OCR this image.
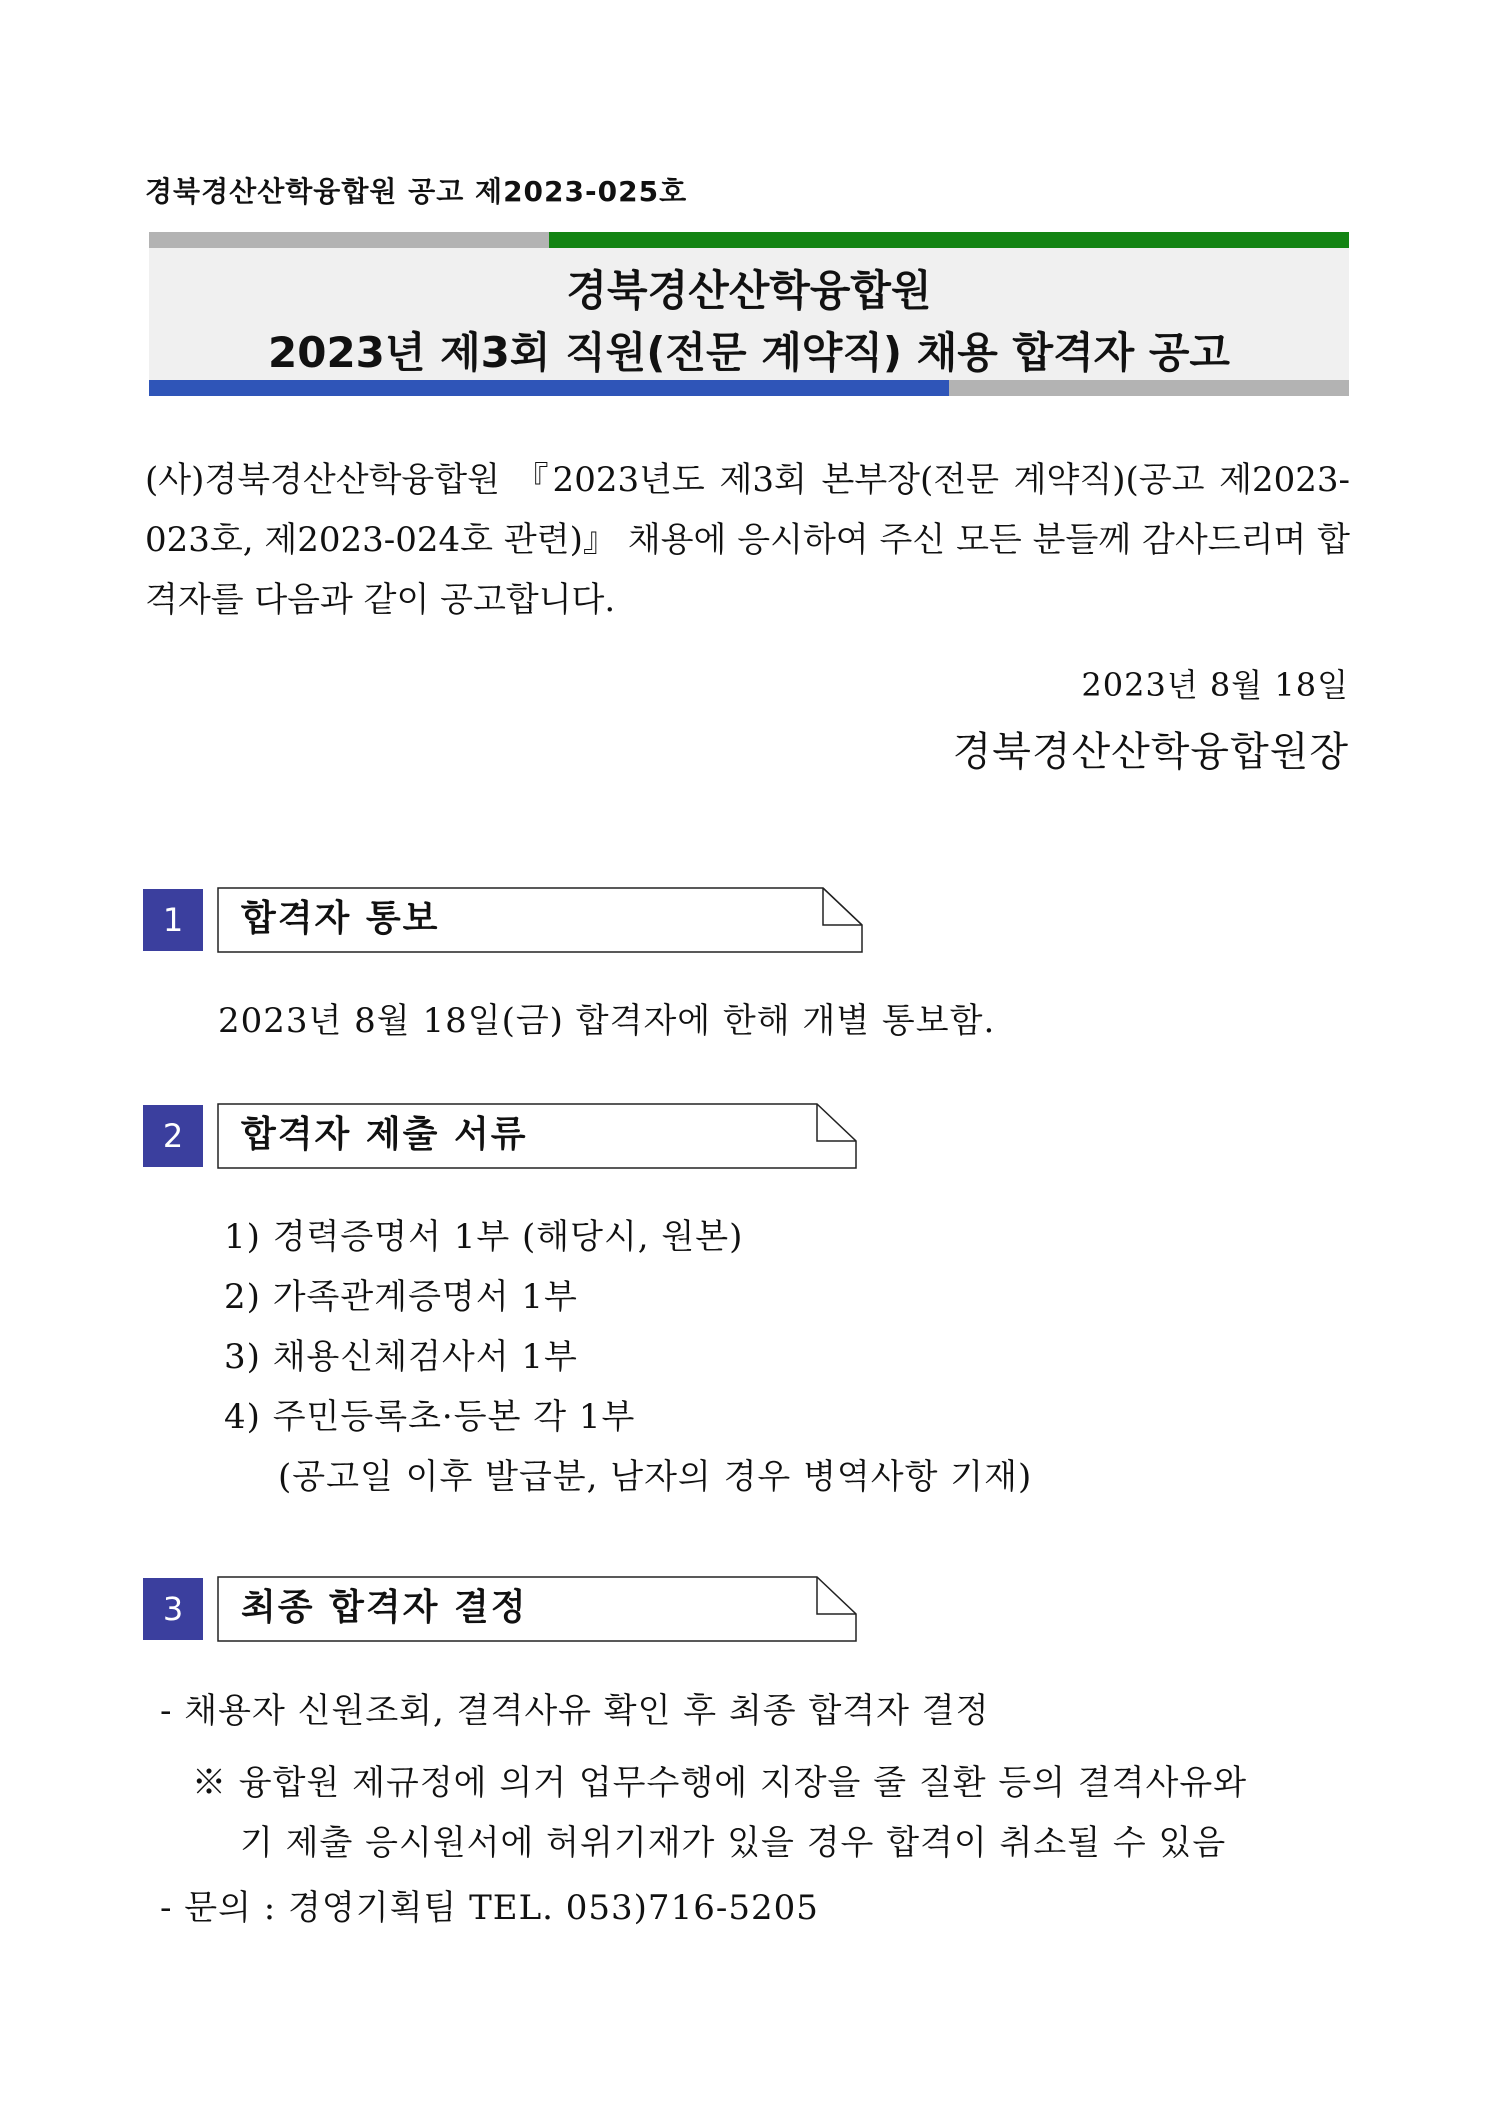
경북경산산학융합원 공고 제2023-025호
경북경산산학융합원
2023년 제3회 직원(전문 계약직) 채용 합격자 공고
(사)경북경산산학융합원 『2023년도 제3회 본부장(전문 계약직)(공고 제2023-023호, 제2023-024호 관련)』 채용에 응시하여 주신 모든 분들께 감사드리며 합격자를 다음과 같이 공고합니다.
2023년 8월 18일
경북경산산학융합원장
1	합격자 통보
2023년 8월 18일(금) 합격자에 한해 개별 통보함.
2	합격자 제출 서류
1) 경력증명서 1부 (해당시, 원본)
2) 가족관계증명서 1부
3) 채용신체검사서 1부
4) 주민등록초·등본 각 1부
(공고일 이후 발급분, 남자의 경우 병역사항 기재)
3	최종 합격자 결정
- 채용자 신원조회, 결격사유 확인 후 최종 합격자 결정
※ 융합원 제규정에 의거 업무수행에 지장을 줄 질환 등의 결격사유와
기 제출 응시원서에 허위기재가 있을 경우 합격이 취소될 수 있음
- 문의 : 경영기획팀 TEL. 053)716-5205
